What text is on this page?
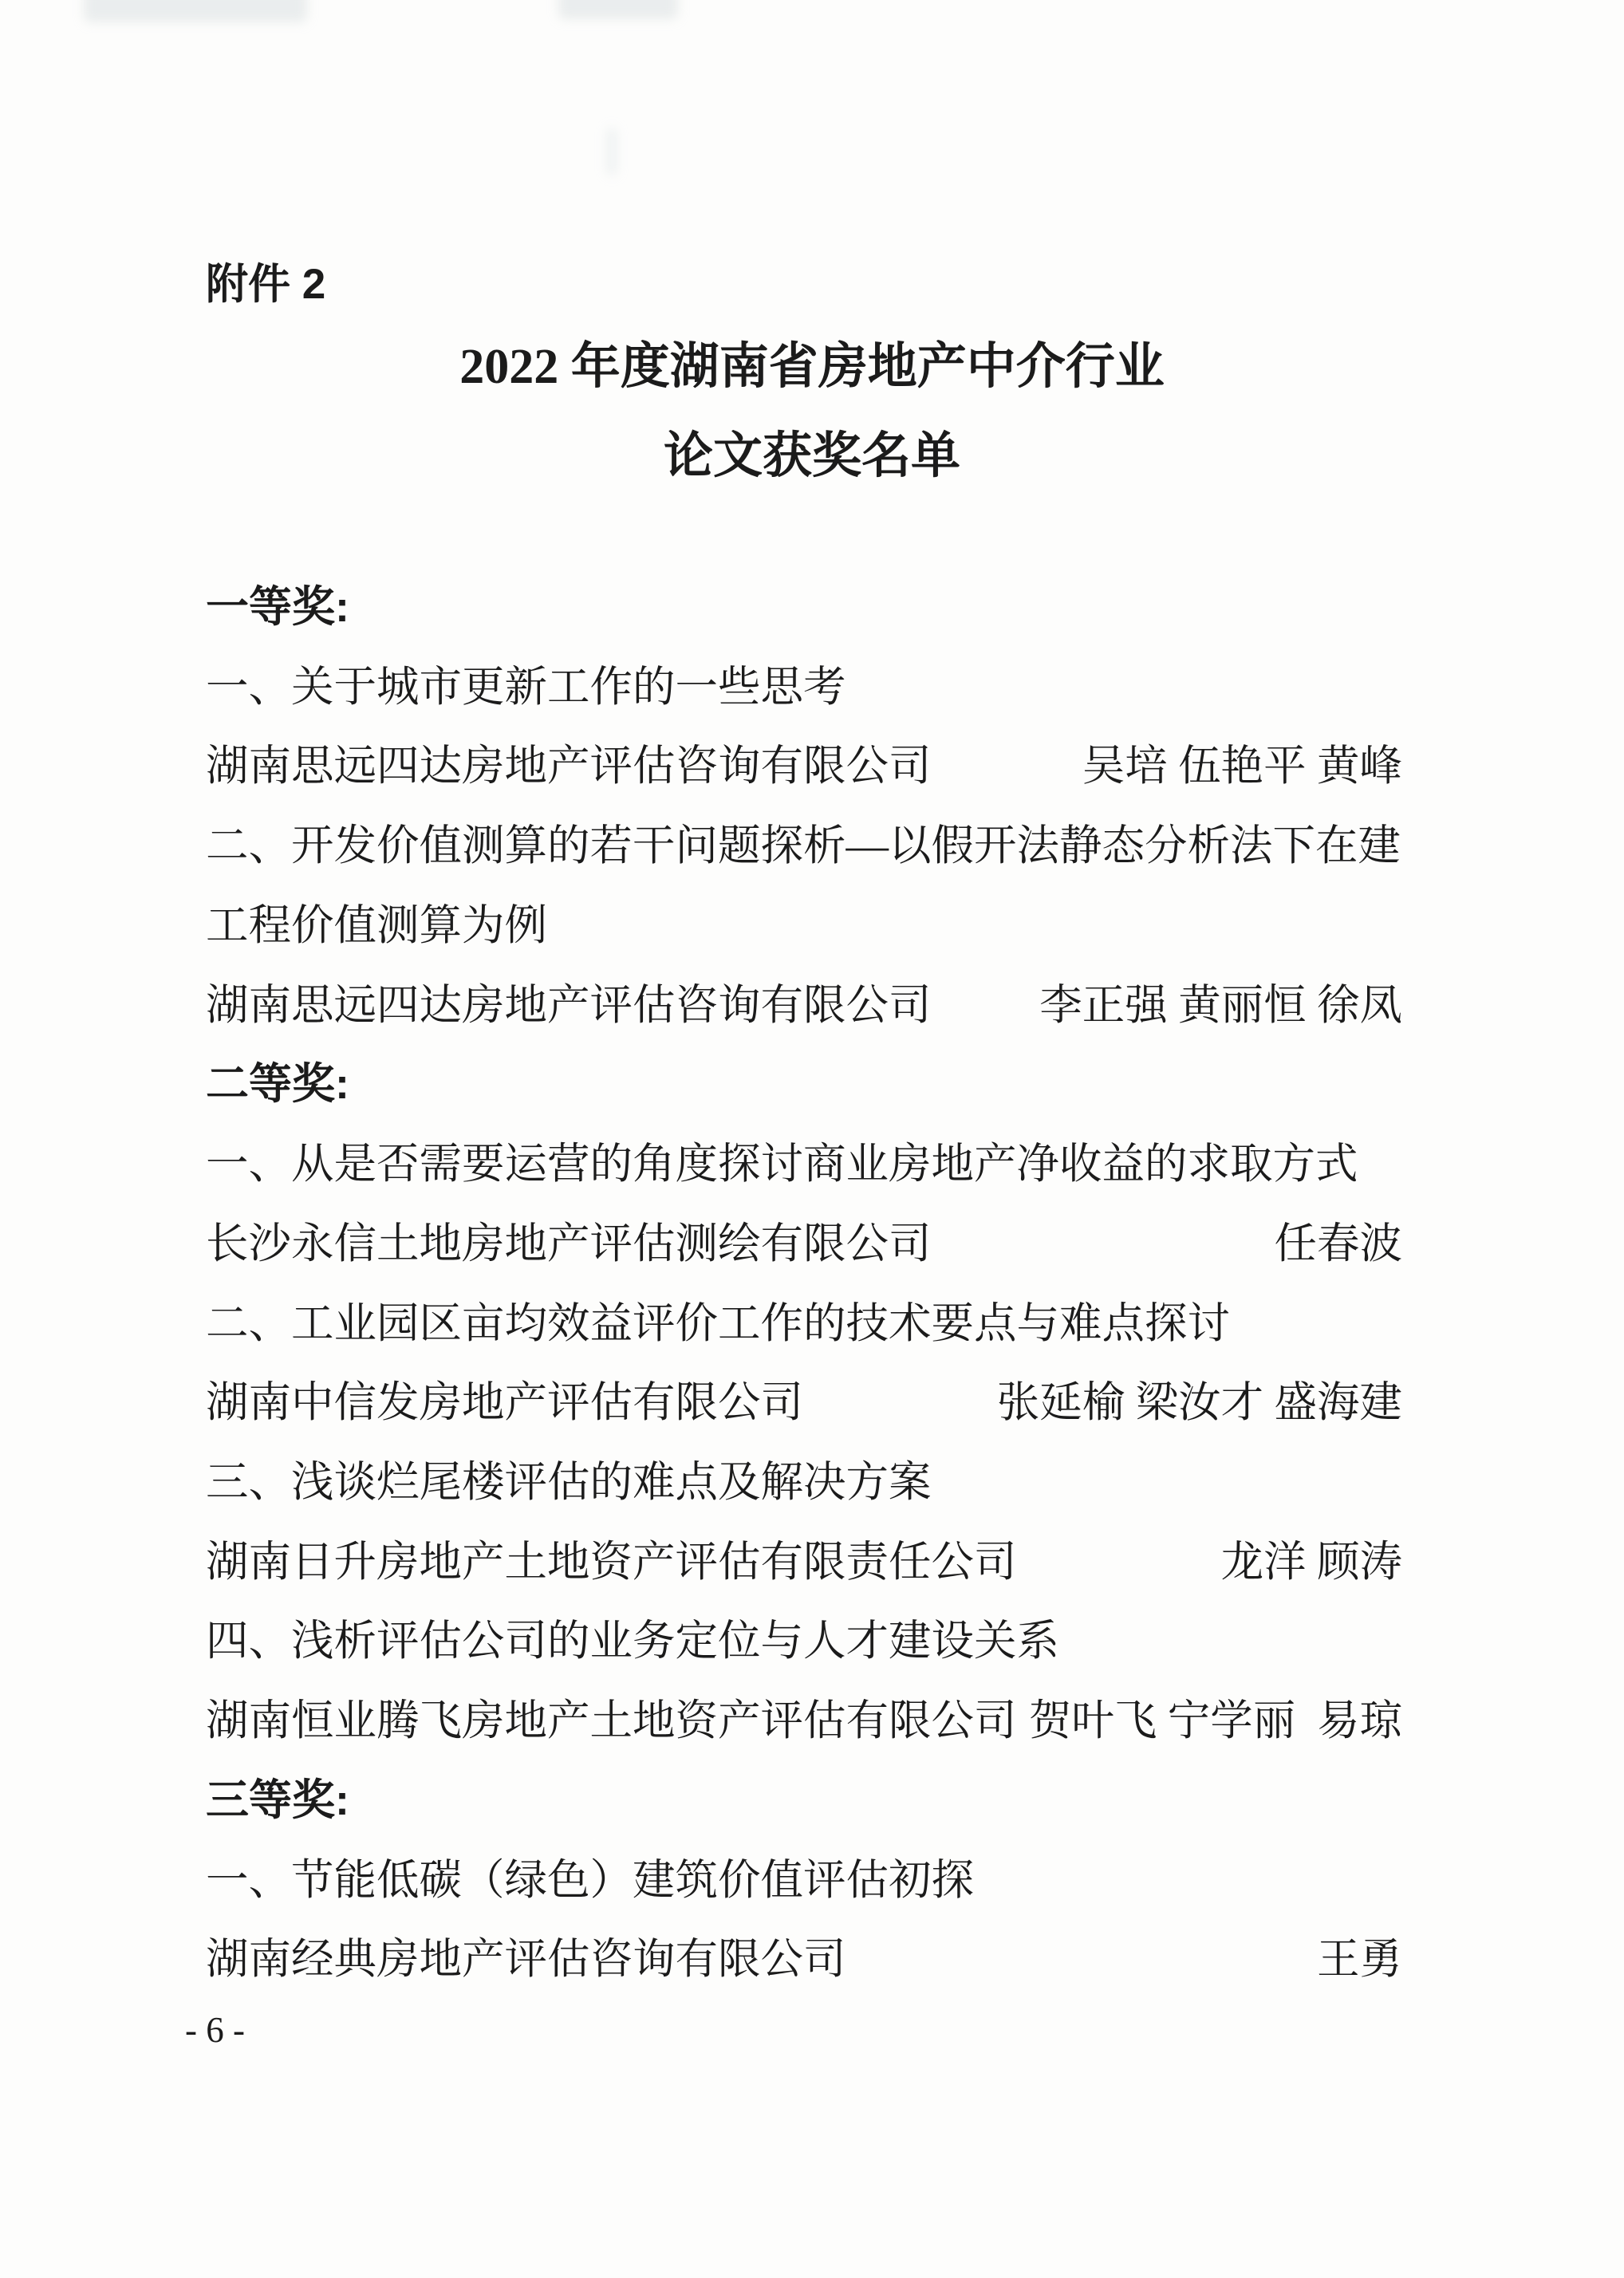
附件 2
2022 年度湖南省房地产中介行业
论文获奖名单
一等奖:
一、关于城市更新工作的一些思考
湖南思远四达房地产评估咨询有限公司	吴培 伍艳平 黄峰
二、开发价值测算的若干问题探析—以假开法静态分析法下在建
工程价值测算为例
湖南思远四达房地产评估咨询有限公司	李正强 黄丽恒 徐凤
二等奖:
一、从是否需要运营的角度探讨商业房地产净收益的求取方式
长沙永信土地房地产评估测绘有限公司	任春波
二、工业园区亩均效益评价工作的技术要点与难点探讨
湖南中信发房地产评估有限公司	张延榆 梁汝才 盛海建
三、浅谈烂尾楼评估的难点及解决方案
湖南日升房地产土地资产评估有限责任公司	龙洋 顾涛
四、浅析评估公司的业务定位与人才建设关系
湖南恒业腾飞房地产土地资产评估有限公司 贺叶飞 宁学丽  易琼
三等奖:
一、节能低碳（绿色）建筑价值评估初探
湖南经典房地产评估咨询有限公司	王勇
- 6 -
